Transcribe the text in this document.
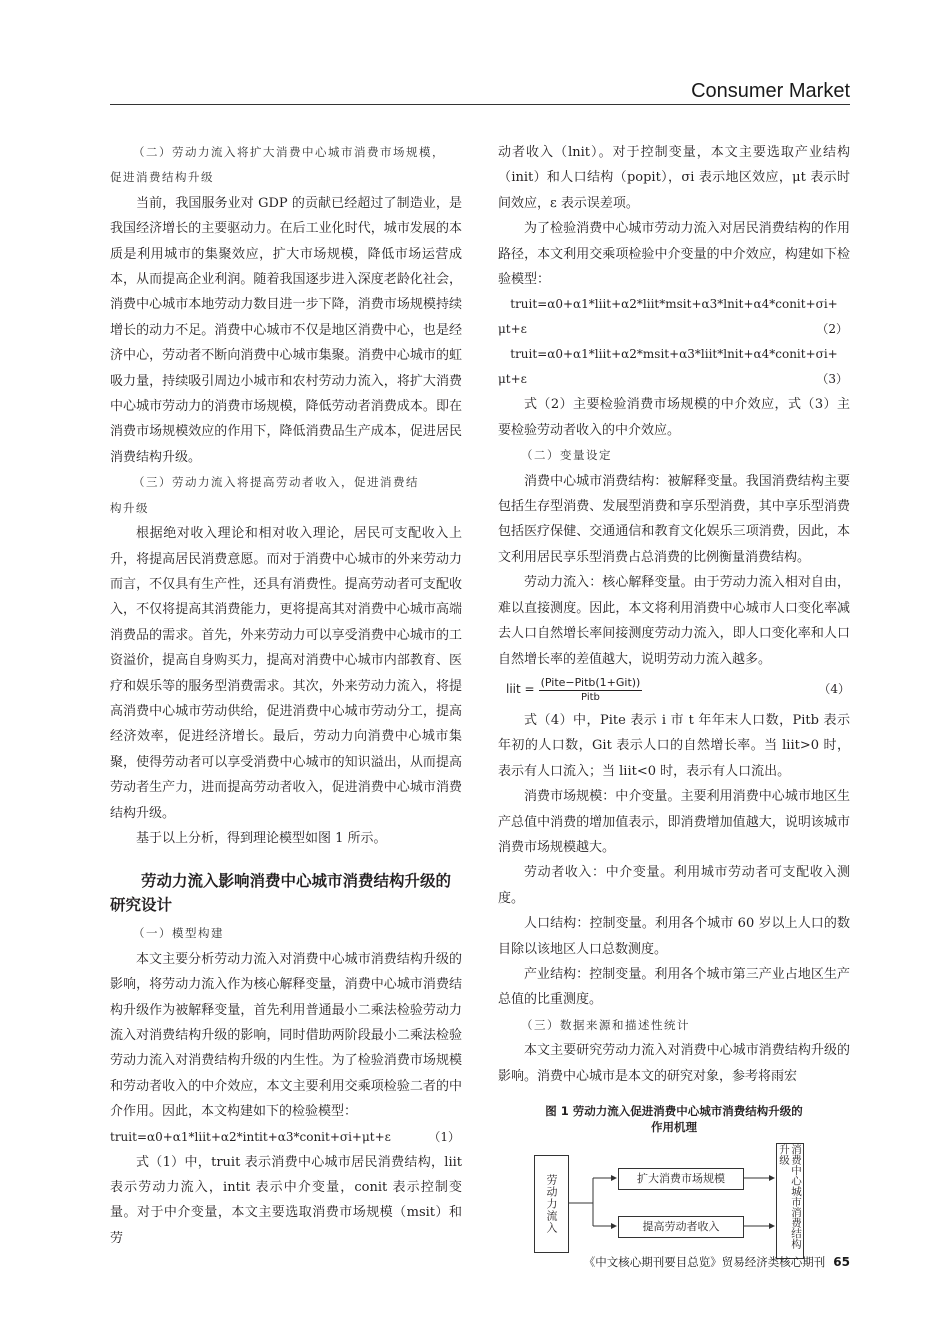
Consumer Market
（二）劳动力流入将扩大消费中心城市消费市场规模，
促进消费结构升级

当前，我国服务业对 GDP 的贡献已经超过了制造业，是我国经济增长的主要驱动力。在后工业化时代，城市发展的本质是利用城市的集聚效应，扩大市场规模，降低市场运营成本，从而提高企业利润。随着我国逐步进入深度老龄化社会，消费中心城市本地劳动力数目进一步下降，消费市场规模持续增长的动力不足。消费中心城市不仅是地区消费中心，也是经济中心，劳动者不断向消费中心城市集聚。消费中心城市的虹吸力量，持续吸引周边小城市和农村劳动力流入，将扩大消费中心城市劳动力的消费市场规模，降低劳动者消费成本。即在消费市场规模效应的作用下，降低消费品生产成本，促进居民消费结构升级。

（三）劳动力流入将提高劳动者收入，促进消费结
构升级

根据绝对收入理论和相对收入理论，居民可支配收入上升，将提高居民消费意愿。而对于消费中心城市的外来劳动力而言，不仅具有生产性，还具有消费性。提高劳动者可支配收入，不仅将提高其消费能力，更将提高其对消费中心城市高端消费品的需求。首先，外来劳动力可以享受消费中心城市的工资溢价，提高自身购买力，提高对消费中心城市内部教育、医疗和娱乐等的服务型消费需求。其次，外来劳动力流入，将提高消费中心城市劳动供给，促进消费中心城市劳动分工，提高经济效率，促进经济增长。最后，劳动力向消费中心城市集聚，使得劳动者可以享受消费中心城市的知识溢出，从而提高劳动者生产力，进而提高劳动者收入，促进消费中心城市消费结构升级。

基于以上分析，得到理论模型如图 1 所示。

劳动力流入影响消费中心城市消费结构升级的研究设计
（一）模型构建

本文主要分析劳动力流入对消费中心城市消费结构升级的影响，将劳动力流入作为核心解释变量，消费中心城市消费结构升级作为被解释变量，首先利用普通最小二乘法检验劳动力流入对消费结构升级的影响，同时借助两阶段最小二乘法检验劳动力流入对消费结构升级的内生性。为了检验消费市场规模和劳动者收入的中介效应，本文主要利用交乘项检验二者的中介作用。因此，本文构建如下的检验模型：

truit=α0+α1*liit+α2*intit+α3*conit+σi+μt+ε	（1）

式（1）中，truit 表示消费中心城市居民消费结构，liit 表示劳动力流入，intit 表示中介变量，conit 表示控制变量。对于中介变量，本文主要选取消费市场规模（msit）和劳

动者收入（lnit）。对于控制变量，本文主要选取产业结构（init）和人口结构（popit），σi 表示地区效应，μt 表示时间效应，ε 表示误差项。

为了检验消费中心城市劳动力流入对居民消费结构的作用路径，本文利用交乘项检验中介变量的中介效应，构建如下检验模型：

truit=α0+α1*liit+α2*liit*msit+α3*lnit+α4*conit+σi+
μt+ε	（2）
truit=α0+α1*liit+α2*msit+α3*liit*lnit+α4*conit+σi+
μt+ε	（3）

式（2）主要检验消费市场规模的中介效应，式（3）主要检验劳动者收入的中介效应。

（二）变量设定

消费中心城市消费结构：被解释变量。我国消费结构主要包括生存型消费、发展型消费和享乐型消费，其中享乐型消费包括医疗保健、交通通信和教育文化娱乐三项消费，因此，本文利用居民享乐型消费占总消费的比例衡量消费结构。

劳动力流入：核心解释变量。由于劳动力流入相对自由，难以直接测度。因此，本文将利用消费中心城市人口变化率减去人口自然增长率间接测度劳动力流入，即人口变化率和人口自然增长率的差值越大，说明劳动力流入越多。

liit = (Pite−Pitb(1+Git))
Pitb
（4）

式（4）中，Pite 表示 i 市 t 年年末人口数，Pitb 表示年初的人口数，Git 表示人口的自然增长率。当 liit>0 时，表示有人口流入；当 liit<0 时，表示有人口流出。

消费市场规模：中介变量。主要利用消费中心城市地区生产总值中消费的增加值表示，即消费增加值越大，说明该城市消费市场规模越大。

劳动者收入：中介变量。利用城市劳动者可支配收入测度。

人口结构：控制变量。利用各个城市 60 岁以上人口的数目除以该地区人口总数测度。

产业结构：控制变量。利用各个城市第三产业占地区生产总值的比重测度。

（三）数据来源和描述性统计

本文主要研究劳动力流入对消费中心城市消费结构升级的影响。消费中心城市是本文的研究对象，参考将雨宏

图 1 劳动力流入促进消费中心城市消费结构升级的
作用机理
劳动力流入	扩大消费市场规模
提高劳动者收入	消费中心城市消费结构升级
《中文核心期刊要目总览》贸易经济类核心期刊 65
